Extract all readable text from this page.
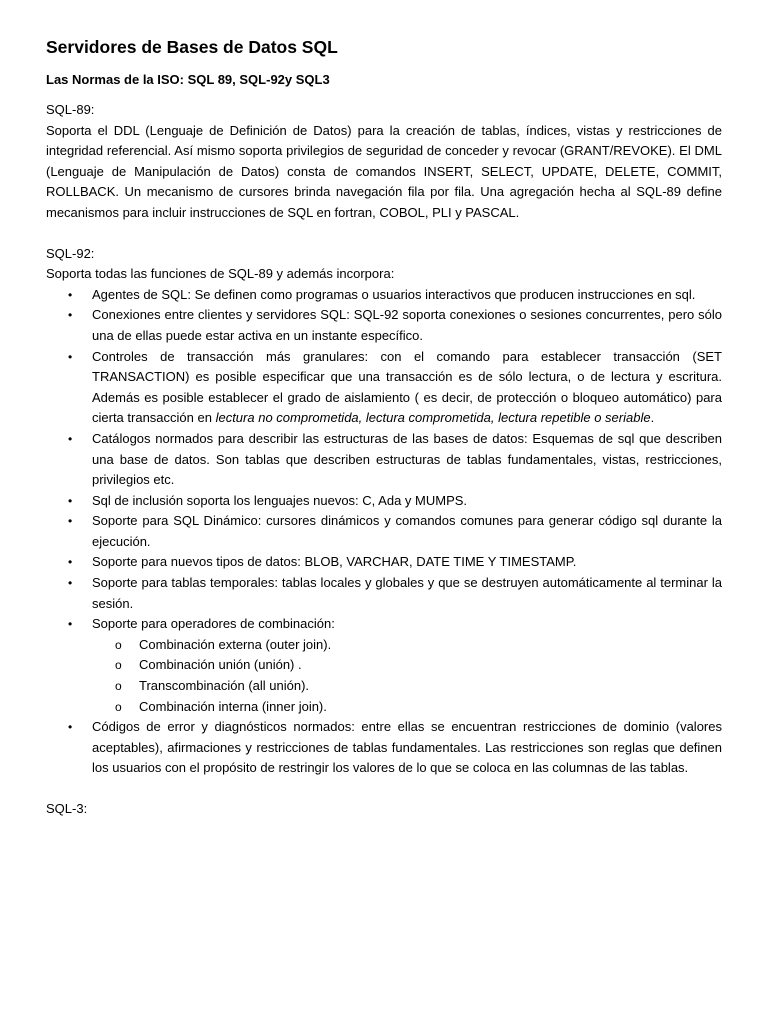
Servidores de Bases de Datos SQL
Las Normas de la ISO: SQL 89, SQL-92y SQL3
SQL-89:

Soporta el DDL (Lenguaje de Definición de Datos) para la creación de tablas, índices, vistas y restricciones de integridad referencial. Así mismo soporta privilegios de seguridad de conceder y revocar (GRANT/REVOKE). El DML (Lenguaje de Manipulación de Datos) consta de comandos INSERT, SELECT, UPDATE, DELETE, COMMIT, ROLLBACK. Un mecanismo de cursores brinda navegación fila por fila. Una agregación hecha al SQL-89 define mecanismos para incluir instrucciones de SQL en fortran, COBOL, PLI y PASCAL.

SQL-92:
Soporta todas las funciones de SQL-89 y además incorpora:
• Agentes de SQL: Se definen como programas o usuarios interactivos que producen instrucciones en sql.
• Conexiones entre clientes y servidores SQL: SQL-92 soporta conexiones o sesiones concurrentes, pero sólo una de ellas puede estar activa en un instante específico.
• Controles de transacción más granulares: con el comando para establecer transacción (SET TRANSACTION) es posible especificar que una transacción es de sólo lectura, o de lectura y escritura. Además es posible establecer el grado de aislamiento ( es decir, de protección o bloqueo automático) para cierta transacción en lectura no comprometida, lectura comprometida, lectura repetible o seriable.
• Catálogos normados para describir las estructuras de las bases de datos: Esquemas de sql que describen una base de datos. Son tablas que describen estructuras de tablas fundamentales, vistas, restricciones, privilegios etc.
• Sql de inclusión soporta los lenguajes nuevos: C, Ada y MUMPS.
• Soporte para SQL Dinámico: cursores dinámicos y comandos comunes para generar código sql durante la ejecución.
• Soporte para nuevos tipos de datos: BLOB, VARCHAR, DATE TIME Y TIMESTAMP.
• Soporte para tablas temporales: tablas locales y globales y que se destruyen automáticamente al terminar la sesión.
• Soporte para operadores de combinación:
o Combinación externa (outer join).
o Combinación unión (unión) .
o Transcombinación (all unión).
o Combinación interna (inner join).
• Códigos de error y diagnósticos normados: entre ellas se encuentran restricciones de dominio (valores aceptables), afirmaciones y restricciones de tablas fundamentales. Las restricciones son reglas que definen los usuarios con el propósito de restringir los valores de lo que se coloca en las columnas de las tablas.
SQL-3:
